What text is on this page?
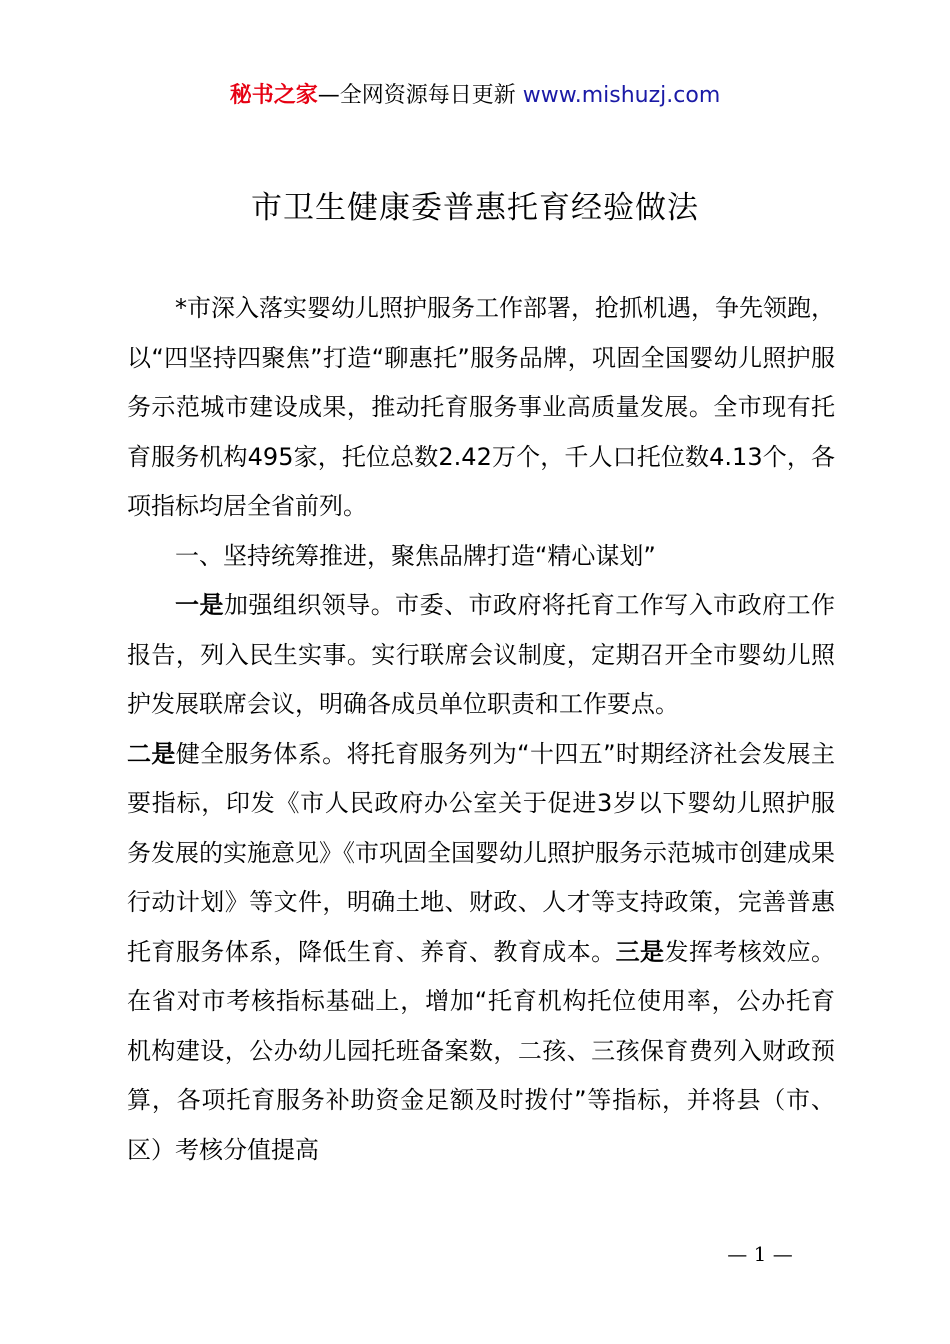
秘书之家—全网资源每日更新 www.mishuzj.com
市卫生健康委普惠托育经验做法

*市深入落实婴幼儿照护服务工作部署，抢抓机遇，争先领跑，以“四坚持四聚焦”打造“聊惠托”服务品牌，巩固全国婴幼儿照护服务示范城市建设成果，推动托育服务事业高质量发展。全市现有托育服务机构495家，托位总数2.42万个，千人口托位数4.13个，各项指标均居全省前列。

一、坚持统筹推进，聚焦品牌打造“精心谋划”

一是加强组织领导。市委、市政府将托育工作写入市政府工作报告，列入民生实事。实行联席会议制度，定期召开全市婴幼儿照护发展联席会议，明确各成员单位职责和工作要点。

二是健全服务体系。将托育服务列为“十四五”时期经济社会发展主要指标，印发《市人民政府办公室关于促进3岁以下婴幼儿照护服务发展的实施意见》《市巩固全国婴幼儿照护服务示范城市创建成果行动计划》等文件，明确土地、财政、人才等支持政策，完善普惠托育服务体系，降低生育、养育、教育成本。三是发挥考核效应。在省对市考核指标基础上，增加“托育机构托位使用率，公办托育机构建设，公办幼儿园托班备案数，二孩、三孩保育费列入财政预算，各项托育服务补助资金足额及时拨付”等指标，并将县（市、区）考核分值提高

— 1 —
